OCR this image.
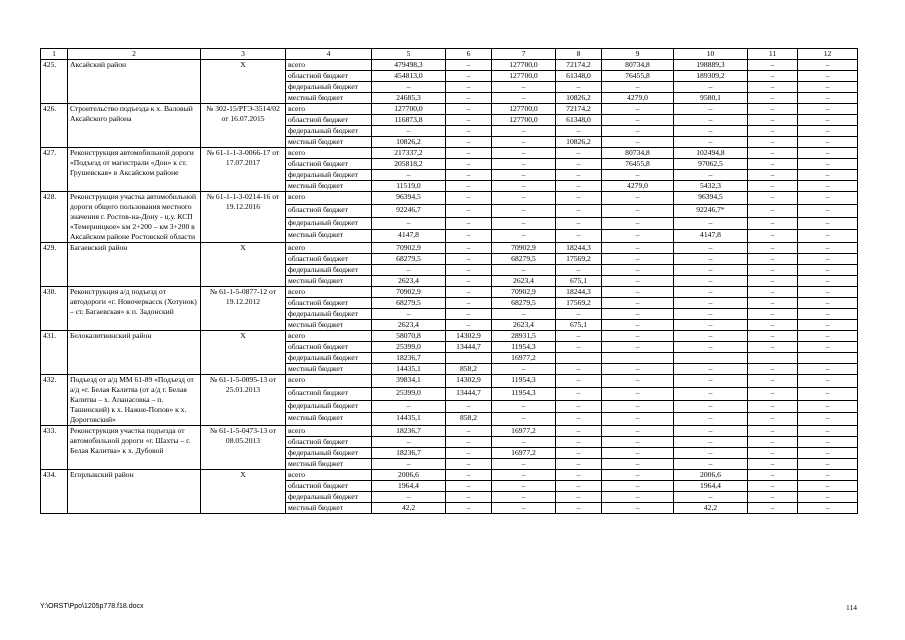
1	2	3	4	5	6	7	8	9	10	11	12
425.	Аксайский район	Х	всего	479498,3	–	127700,0	72174,2	80734,8	198889,3	–	–
			областной бюджет	454813,0	–	127700,0	61348,0	76455,8	189309,2	–	–
			федеральный бюджет	–	–	–	–	–	–	–	–
			местный бюджет	24685,3	–	–	10826,2	4279,0	9580,1	–	–
426.	Строительство подъезда к х. Валовый Аксайского района	№ 302-15/РГЭ-3514/02 от 16.07.2015	всего	127700,0	–	127700,0	72174,2	–	–	–	–
			областной бюджет	116873,8	–	127700,0	61348,0	–	–	–	–
			федеральный бюджет	–	–	–	–	–	–	–	–
			местный бюджет	10826,2	–	–	10826,2	–	–	–	–
427.	Реконструкция автомобильной дороги «Подъезд от магистрали «Дон» к ст. Грушевская» в Аксайском районе	№ 61-1-1-3-0066-17 от 17.07.2017	всего	217337,2	–	–	–	80734,8	102494,8	–	–
			областной бюджет	205818,2	–	–	–	76455,8	97062,5	–	–
			федеральный бюджет	–	–	–	–	–	–	–	–
			местный бюджет	11519,0	–	–	–	4279,0	5432,3	–	–
428.	Реконструкция участка автомобильной дороги общего пользования местного значения г. Ростов-на-Дону - ц.у. КСП «Темерницкое» км 2+200 – км 3+200 в Аксайском районе Ростовской области	№ 61-1-1-3-0214-16 от 19.12.2016	всего	96394,5	–	–	–	–	96394,5	–	–
			областной бюджет	92246,7	–	–	–	–	92246,7*	–	–
			федеральный бюджет	–	–	–	–	–	–	–	–
			местный бюджет	4147,8	–	–	–	–	4147,8	–	–
429.	Багаевский район	Х	всего	70902,9	–	70902,9	18244,3	–	–	–	–
			областной бюджет	68279,5	–	68279,5	17569,2	–	–	–	–
			федеральный бюджет	–	–	–	–	–	–	–	–
			местный бюджет	2623,4	–	2623,4	675,1	–	–	–	–
430.	Реконструкция а/д подъезд от автодороги «г. Новочеркасск (Хотунок) – ст. Багаевская» к п. Задонский	№ 61-1-5-0877-12 от 19.12.2012	всего	70902,9	–	70902,9	18244,3	–	–	–	–
			областной бюджет	68279,5	–	68279,5	17569,2	–	–	–	–
			федеральный бюджет	–	–	–	–	–	–	–	–
			местный бюджет	2623,4	–	2623,4	675,1	–	–	–	–
431.	Белокалитвинский район	Х	всего	58070,8	14302,9	28931,5	–	–	–	–	–
			областной бюджет	25399,0	13444,7	11954,3	–	–	–	–	–
			федеральный бюджет	18236,7		16977,2					
			местный бюджет	14435,1	858,2	–	–	–	–	–	–
432.	Подъезд от а/д ММ 61-89 «Подъезд от а/д «г. Белая Калитва (от а/д г. Белая Калитва – х. Апанасовка – п. Ташинский) к х. Нажне-Попов» к х. Дороговский»	№ 61-1-5-0095-13 от 25.01.2013	всего	39834,1	14302,9	11954,3	–	–	–	–	–
			областной бюджет	25399,0	13444,7	11954,3	–	–	–	–	–
			федеральный бюджет	–	–	–	–	–	–	–	–
			местный бюджет	14435,1	858,2	–	–	–	–	–	–
433.	Реконструкция участка подъезда от автомобильной дороги «г. Шахты – г. Белая Калитва» к х. Дубовой	№ 61-1-5-0473-13 от 08.05.2013	всего	18236,7	–	16977,2	–	–	–	–	–
			областной бюджет	–	–	–	–	–	–	–	–
			федеральный бюджет	18236,7	–	16977,2	–	–	–	–	–
			местный бюджет	–	–	–	–	–	–	–	–
434.	Егорлыкский район	Х	всего	2006,6	–	–	–	–	2006,6	–	–
			областной бюджет	1964,4	–	–	–	–	1964,4	–	–
			федеральный бюджет	–	–	–	–	–	–	–	–
			местный бюджет	42,2	–	–	–	–	42,2	–	–
Y:\ORST\Ppo\1205p778.f18.docx	114
